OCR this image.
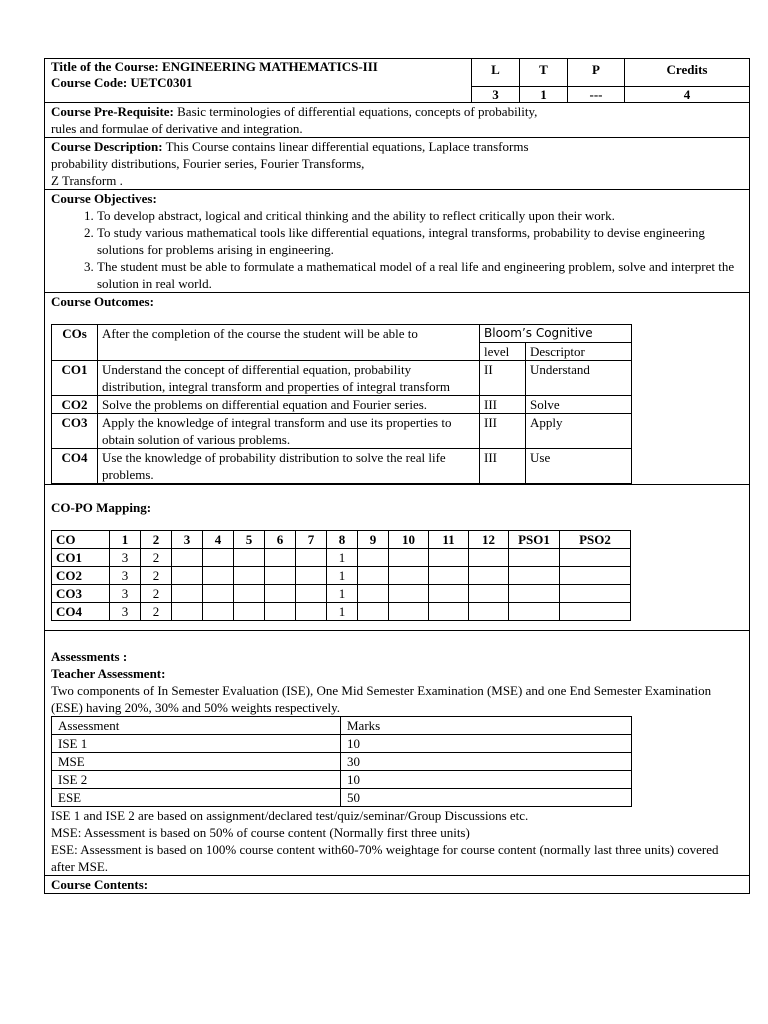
Title of the Course: ENGINEERING MATHEMATICS-III
Course Code: UETC0301
	L	T	P	Credits
3	1	---	4
Course Pre-Requisite: Basic terminologies of differential equations, concepts of probability, rules and formulae of derivative and integration.

Course Description: This Course contains linear differential equations, Laplace transforms
probability distributions, Fourier series, Fourier Transforms,
Z Transform .

Course Objectives:
1. To develop abstract, logical and critical thinking and the ability to reflect critically upon their work.
2. To study various mathematical tools like differential equations, integral transforms, probability to devise engineering solutions for problems arising in engineering.
3. The student must be able to formulate a mathematical model of a real life and engineering problem, solve and interpret the solution in real world.

Course Outcomes:
COs	After the completion of the course the student will be able to	Bloom’s Cognitive
level	Descriptor
CO1	Understand the concept of differential equation, probability distribution, integral transform and properties of integral transform	II	Understand
CO2	Solve the problems on differential equation and Fourier series.	III	Solve
CO3	Apply the knowledge of integral transform and use its properties to obtain solution of various problems.	III	Apply
CO4	Use the knowledge of probability distribution to solve the real life problems.	III	Use

CO-PO Mapping:
CO	1	2	3	4	5	6	7	8	9	10	11	12	PSO1	PSO2
CO1	3	2						1						
CO2	3	2						1						
CO3	3	2						1						
CO4	3	2						1						

Assessments :
Teacher Assessment:
Two components of In Semester Evaluation (ISE), One Mid Semester Examination (MSE) and one End Semester Examination (ESE) having 20%, 30% and 50% weights respectively.
Assessment	Marks
ISE 1	10
MSE	30
ISE 2	10
ESE	50
ISE 1 and ISE 2 are based on assignment/declared test/quiz/seminar/Group Discussions etc.
MSE: Assessment is based on 50% of course content (Normally first three units)
ESE: Assessment is based on 100% course content with60-70% weightage for course content (normally last three units) covered after MSE.

Course Contents:
